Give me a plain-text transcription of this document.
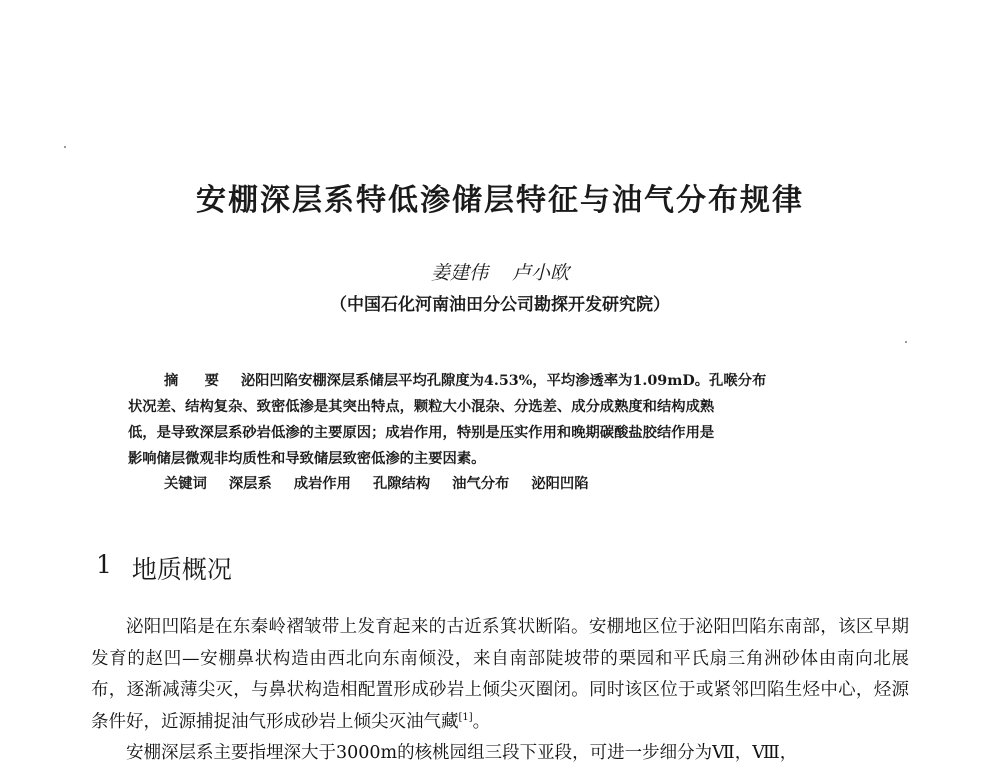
安棚深层系特低渗储层特征与油气分布规律
姜建伟 卢小欧
（中国石化河南油田分公司勘探开发研究院）
摘　要 泌阳凹陷安棚深层系储层平均孔隙度为4.53%，平均渗透率为1.09mD。孔喉分布
状况差、结构复杂、致密低渗是其突出特点，颗粒大小混杂、分选差、成分成熟度和结构成熟
低，是导致深层系砂岩低渗的主要原因；成岩作用，特别是压实作用和晚期碳酸盐胶结作用是
影响储层微观非均质性和导致储层致密低渗的主要因素。
关键词 深层系 成岩作用 孔隙结构 油气分布 泌阳凹陷
1 地质概况

泌阳凹陷是在东秦岭褶皱带上发育起来的古近系箕状断陷。安棚地区位于泌阳凹陷东南部，该区早期发育的赵凹—安棚鼻状构造由西北向东南倾没，来自南部陡坡带的栗园和平氏扇三角洲砂体由南向北展布，逐渐减薄尖灭，与鼻状构造相配置形成砂岩上倾尖灭圈闭。同时该区位于或紧邻凹陷生烃中心，烃源条件好，近源捕捉油气形成砂岩上倾尖灭油气藏[1]。

安棚深层系主要指埋深大于3000m的核桃园组三段下亚段，可进一步细分为Ⅶ，Ⅷ，
